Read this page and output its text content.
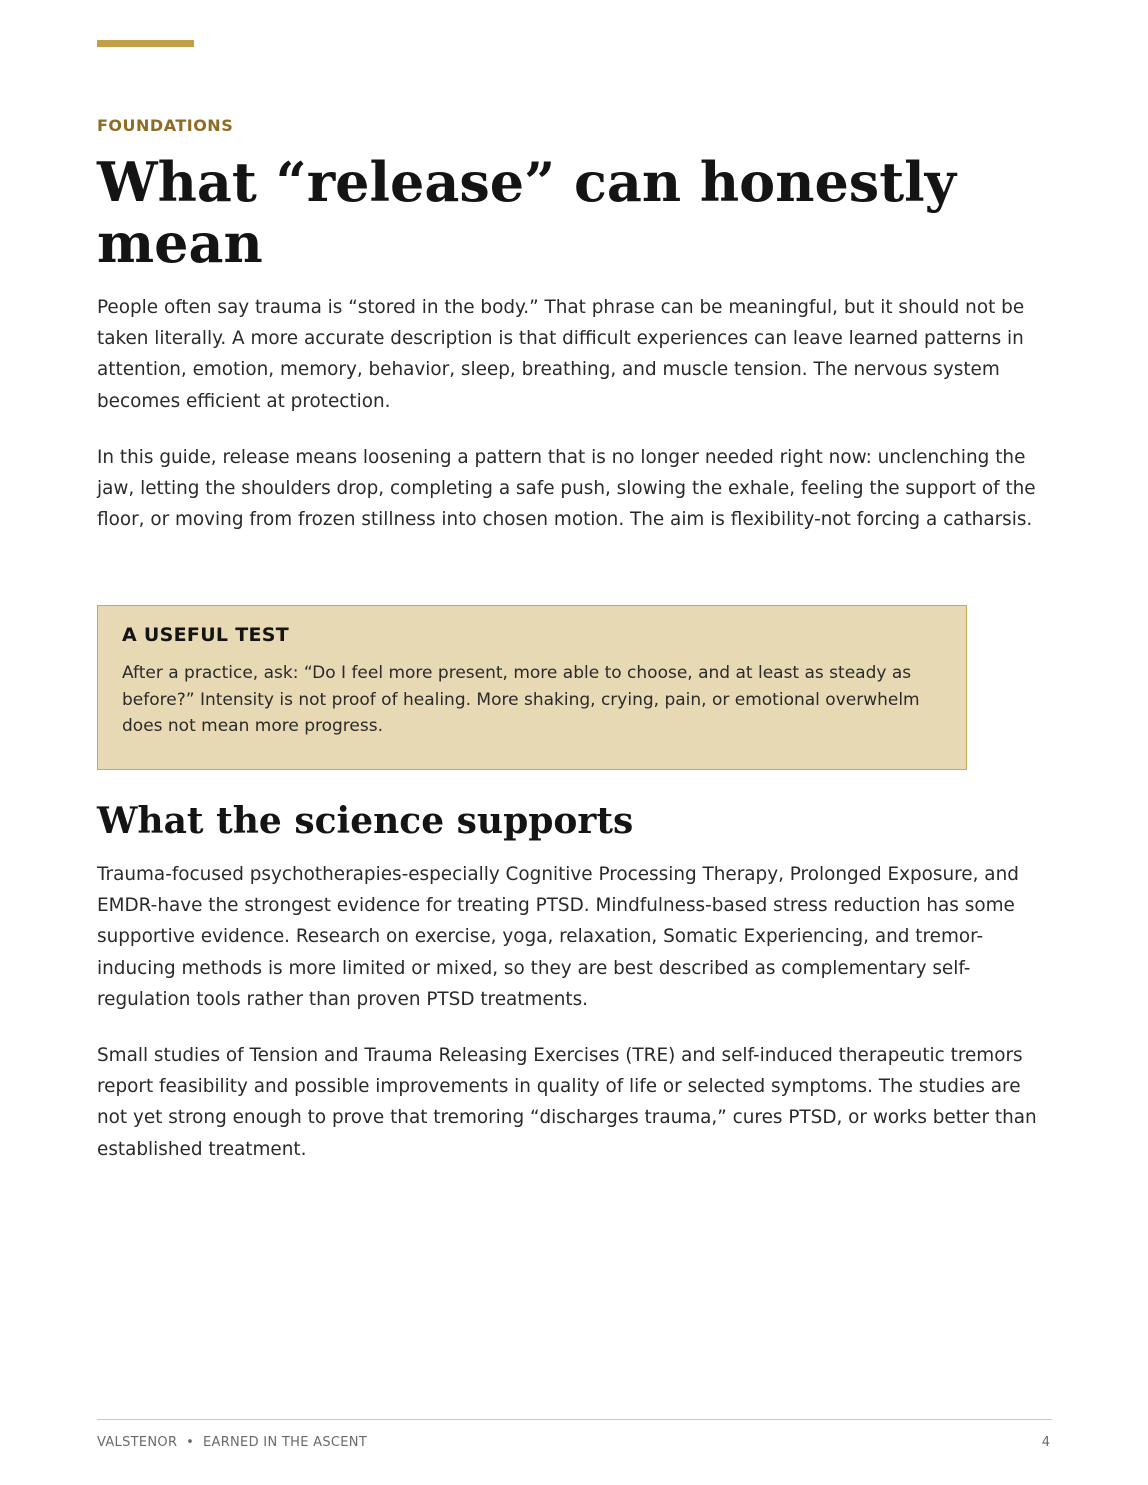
FOUNDATIONS
What “release” can honestly mean

People often say trauma is “stored in the body.” That phrase can be meaningful, but it should not be taken literally. A more accurate description is that difficult experiences can leave learned patterns in attention, emotion, memory, behavior, sleep, breathing, and muscle tension. The nervous system becomes efficient at protection.

In this guide, release means loosening a pattern that is no longer needed right now: unclenching the jaw, letting the shoulders drop, completing a safe push, slowing the exhale, feeling the support of the floor, or moving from frozen stillness into chosen motion. The aim is flexibility-not forcing a catharsis.

A USEFUL TEST

After a practice, ask: “Do I feel more present, more able to choose, and at least as steady as before?” Intensity is not proof of healing. More shaking, crying, pain, or emotional overwhelm does not mean more progress.

What the science supports

Trauma-focused psychotherapies-especially Cognitive Processing Therapy, Prolonged Exposure, and EMDR-have the strongest evidence for treating PTSD. Mindfulness-based stress reduction has some supportive evidence. Research on exercise, yoga, relaxation, Somatic Experiencing, and tremor-inducing methods is more limited or mixed, so they are best described as complementary self-regulation tools rather than proven PTSD treatments.

Small studies of Tension and Trauma Releasing Exercises (TRE) and self-induced therapeutic tremors report feasibility and possible improvements in quality of life or selected symptoms. The studies are not yet strong enough to prove that tremoring “discharges trauma,” cures PTSD, or works better than established treatment.

VALSTENOR  •  EARNED IN THE ASCENT	4
